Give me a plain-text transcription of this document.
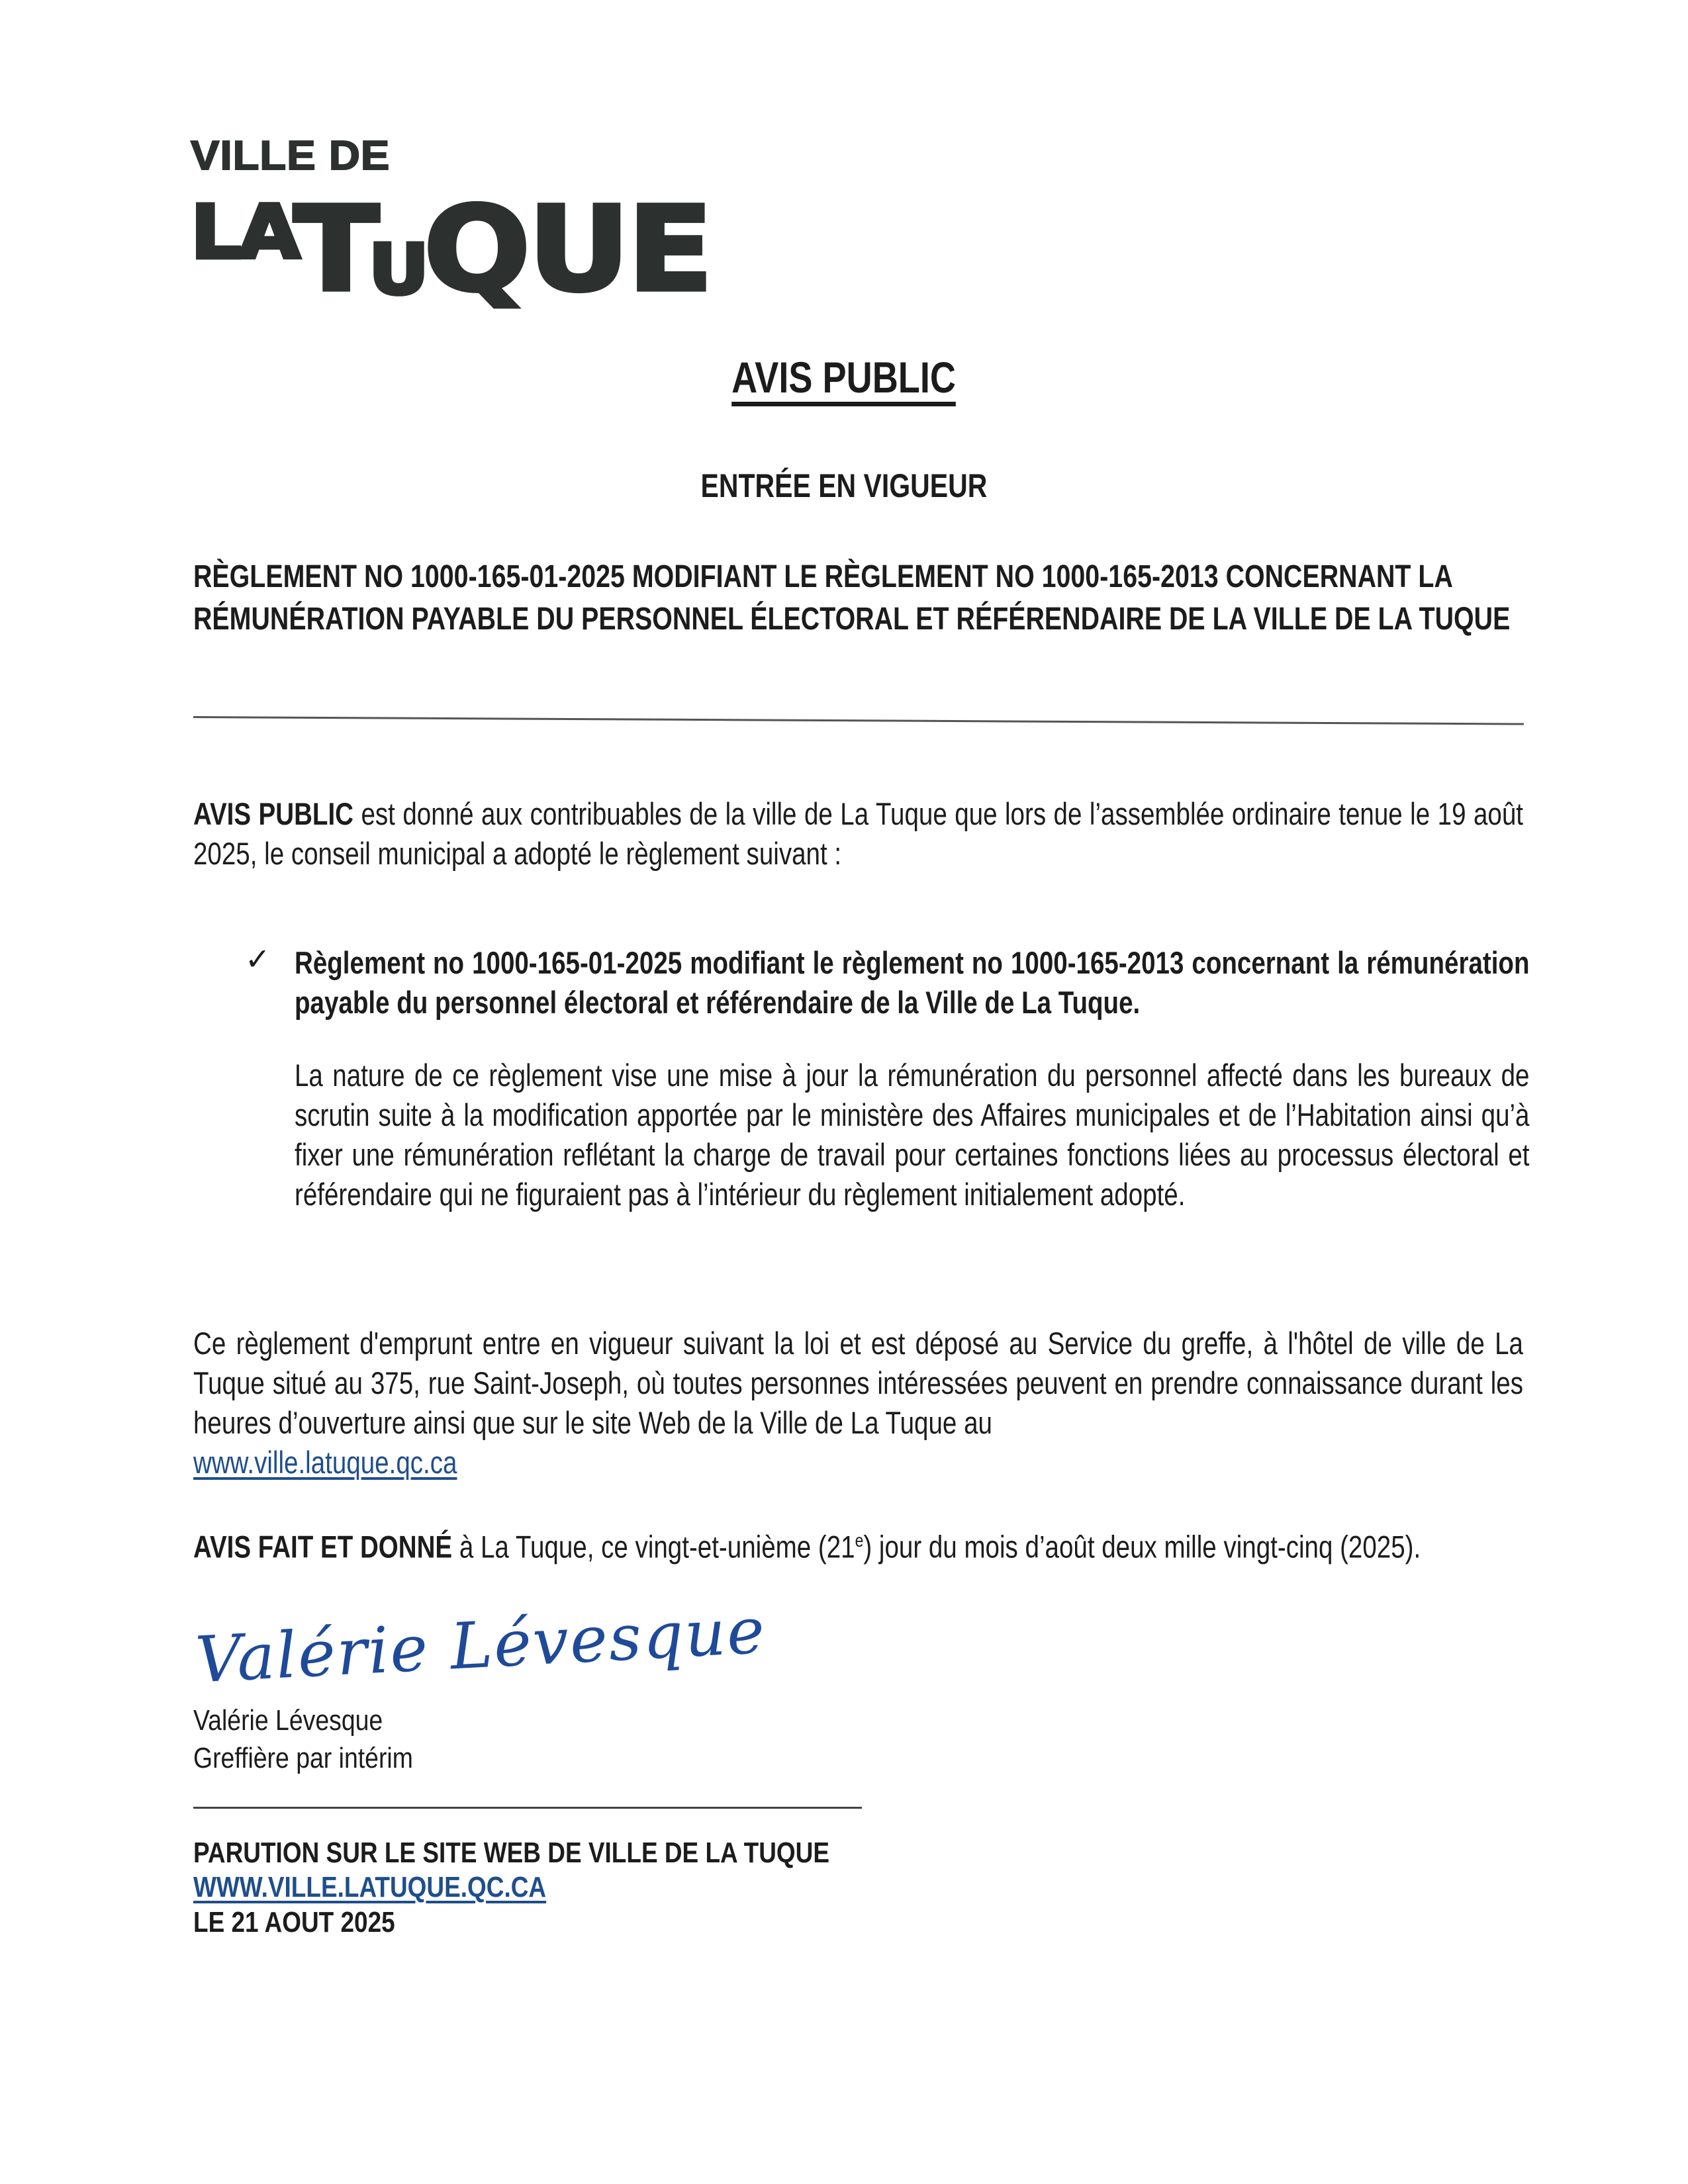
VILLE DE
$^{LA}$TUQUE
AVIS PUBLIC
ENTRÉE EN VIGUEUR
RÈGLEMENT NO 1000-165-01-2025 MODIFIANT LE RÈGLEMENT NO 1000-165-2013 CONCERNANT LA RÉMUNÉRATION PAYABLE DU PERSONNEL ÉLECTORAL ET RÉFÉRENDAIRE DE LA VILLE DE LA TUQUE
AVIS PUBLIC est donné aux contribuables de la ville de La Tuque que lors de l’assemblée ordinaire tenue le 19 août 2025, le conseil municipal a adopté le règlement suivant :
✓ Règlement no 1000-165-01-2025 modifiant le règlement no 1000-165-2013 concernant la rémunération payable du personnel électoral et référendaire de la Ville de La Tuque.
La nature de ce règlement vise une mise à jour la rémunération du personnel affecté dans les bureaux de scrutin suite à la modification apportée par le ministère des Affaires municipales et de l’Habitation ainsi qu’à fixer une rémunération reflétant la charge de travail pour certaines fonctions liées au processus électoral et référendaire qui ne figuraient pas à l’intérieur du règlement initialement adopté.
Ce règlement d'emprunt entre en vigueur suivant la loi et est déposé au Service du greffe, à l'hôtel de ville de La Tuque situé au 375, rue Saint-Joseph, où toutes personnes intéressées peuvent en prendre connaissance durant les heures d’ouverture ainsi que sur le site Web de la Ville de La Tuque au
www.ville.latuque.qc.ca
AVIS FAIT ET DONNÉ à La Tuque, ce vingt-et-unième (21e) jour du mois d’août deux mille vingt-cinq (2025).
Valérie Lévesque
Valérie Lévesque
Greffière par intérim
PARUTION SUR LE SITE WEB DE VILLE DE LA TUQUE
WWW.VILLE.LATUQUE.QC.CA
LE 21 AOUT 2025
